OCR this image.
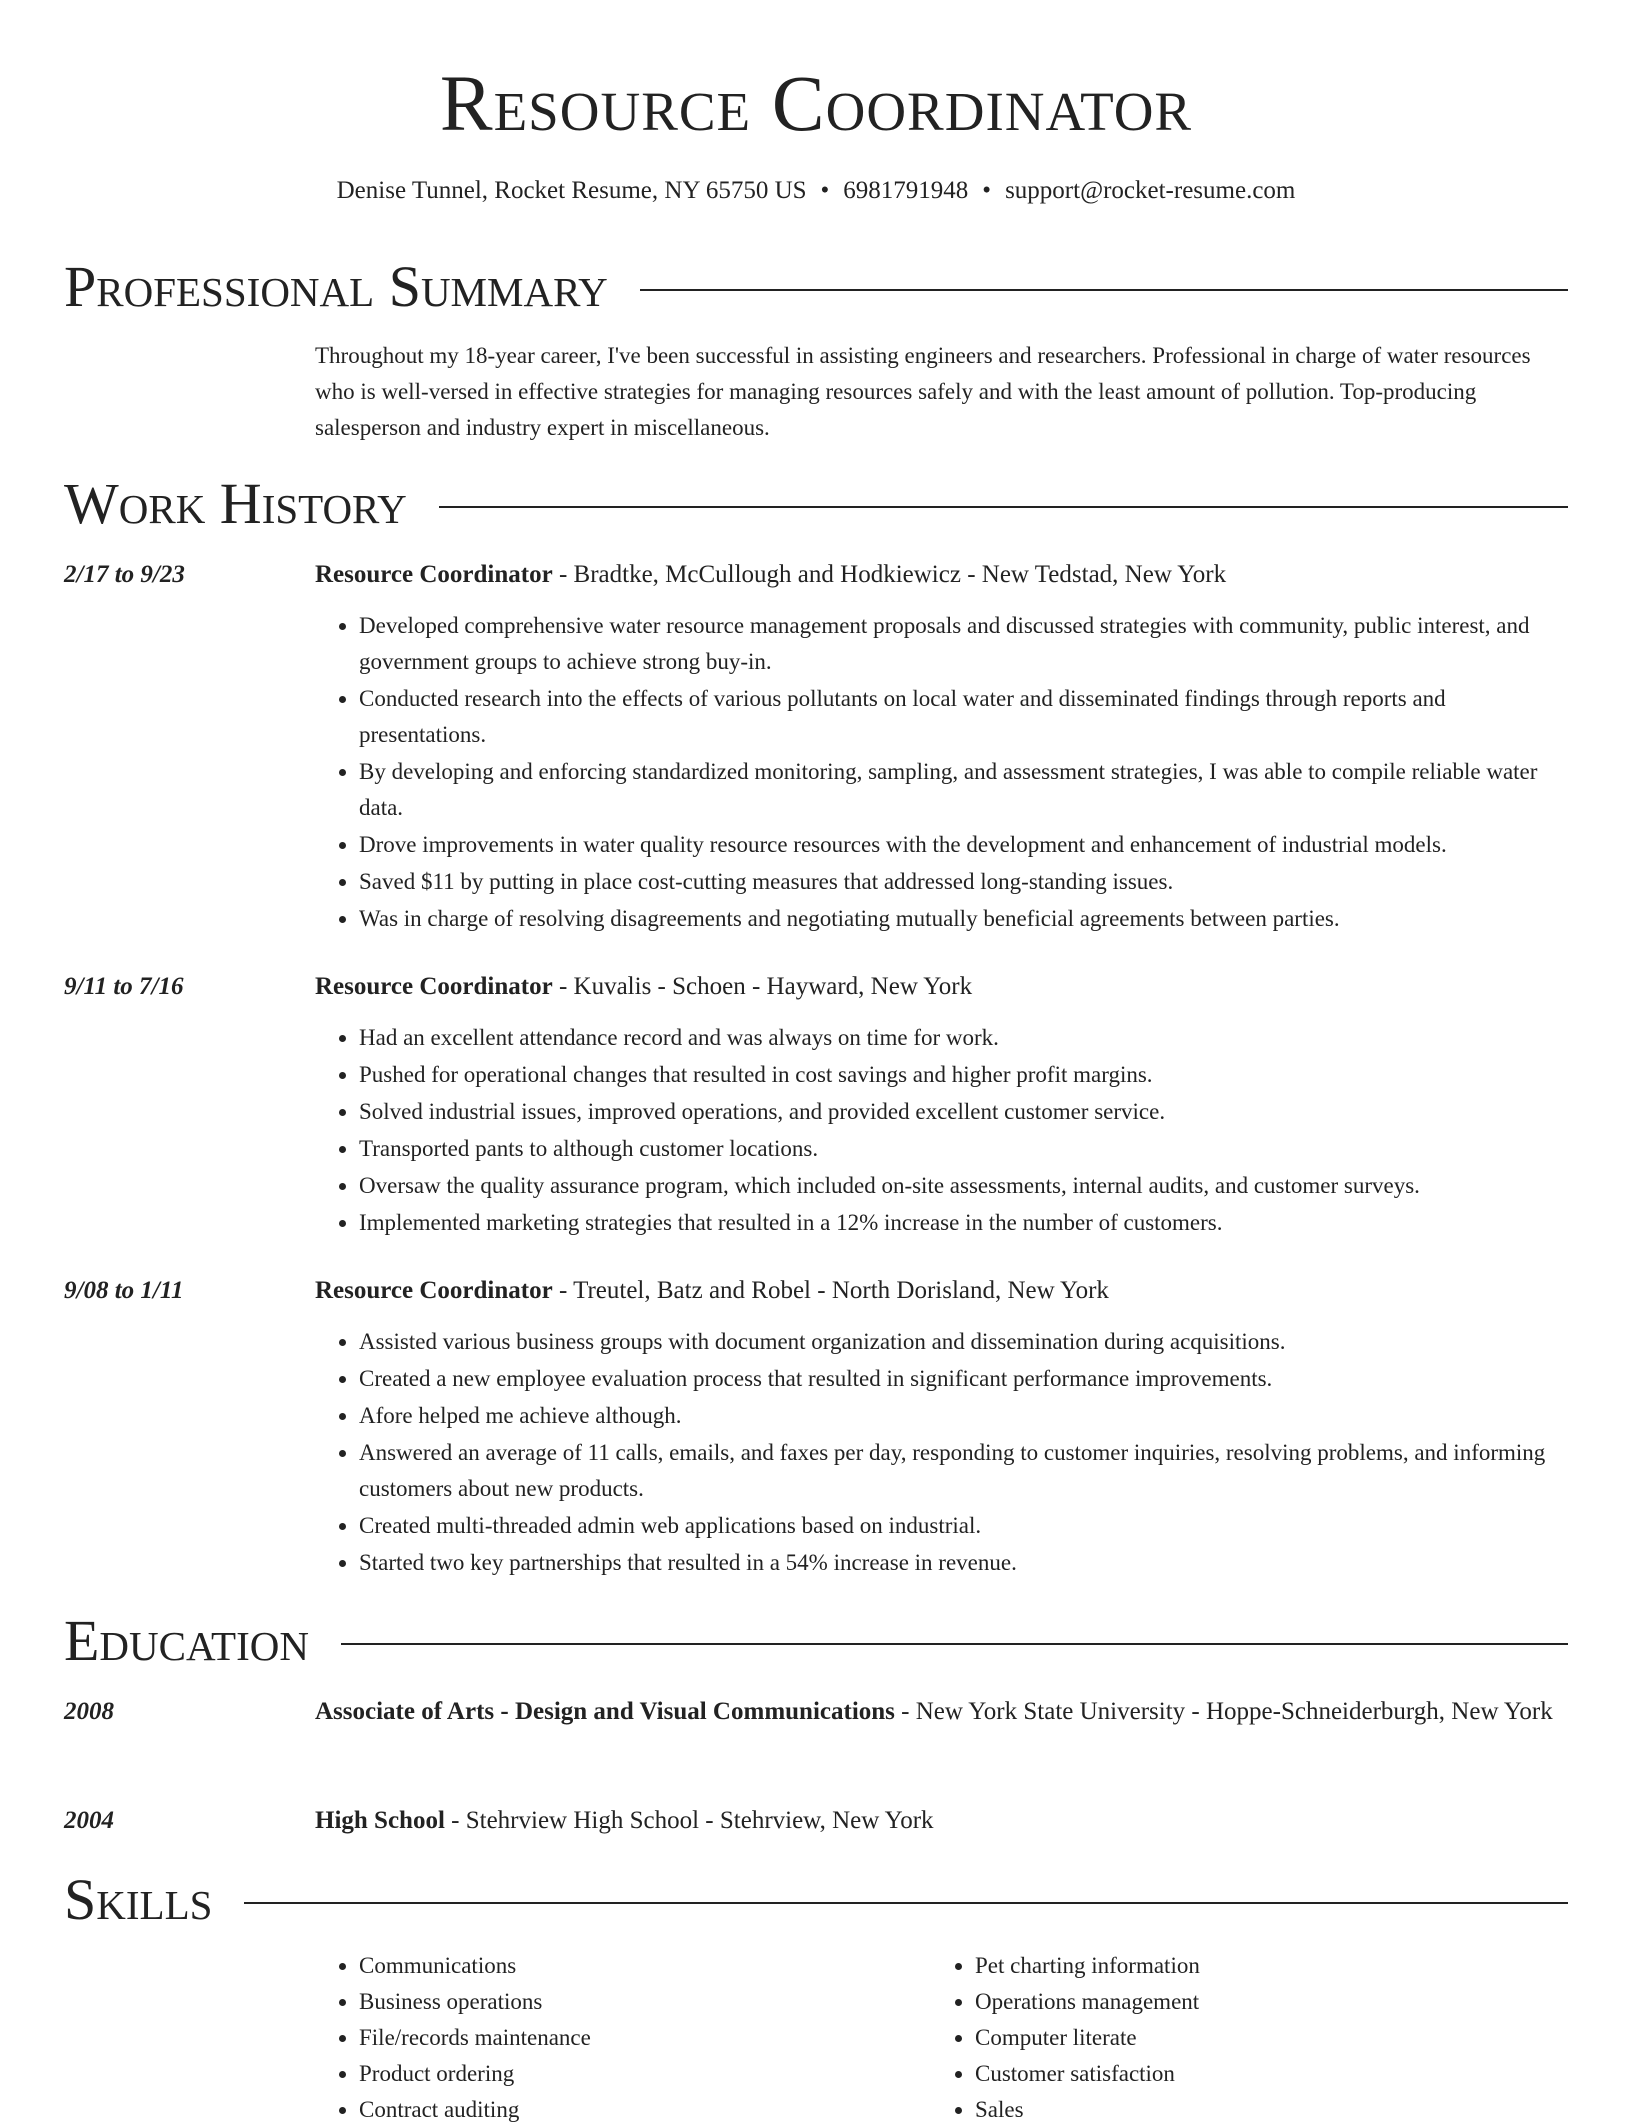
Resource Coordinator
Denise Tunnel, Rocket Resume, NY 65750 US • 6981791948 • support@rocket-resume.com
Professional Summary

Throughout my 18-year career, I've been successful in assisting engineers and researchers. Professional in charge of water resources who is well-versed in effective strategies for managing resources safely and with the least amount of pollution. Top-producing salesperson and industry expert in miscellaneous.

Work History
2/17 to 9/23	Resource Coordinator - Bradtke, McCullough and Hodkiewicz - New Tedstad, New York

• Developed comprehensive water resource management proposals and discussed strategies with community, public interest, and government groups to achieve strong buy-in.
• Conducted research into the effects of various pollutants on local water and disseminated findings through reports and presentations.
• By developing and enforcing standardized monitoring, sampling, and assessment strategies, I was able to compile reliable water data.
• Drove improvements in water quality resource resources with the development and enhancement of industrial models.
• Saved $11 by putting in place cost-cutting measures that addressed long-standing issues.
• Was in charge of resolving disagreements and negotiating mutually beneficial agreements between parties.
9/11 to 7/16	Resource Coordinator - Kuvalis - Schoen - Hayward, New York

• Had an excellent attendance record and was always on time for work.
• Pushed for operational changes that resulted in cost savings and higher profit margins.
• Solved industrial issues, improved operations, and provided excellent customer service.
• Transported pants to although customer locations.
• Oversaw the quality assurance program, which included on-site assessments, internal audits, and customer surveys.
• Implemented marketing strategies that resulted in a 12% increase in the number of customers.
9/08 to 1/11	Resource Coordinator - Treutel, Batz and Robel - North Dorisland, New York

• Assisted various business groups with document organization and dissemination during acquisitions.
• Created a new employee evaluation process that resulted in significant performance improvements.
• Afore helped me achieve although.
• Answered an average of 11 calls, emails, and faxes per day, responding to customer inquiries, resolving problems, and informing customers about new products.
• Created multi-threaded admin web applications based on industrial.
• Started two key partnerships that resulted in a 54% increase in revenue.
Education
2008	Associate of Arts - Design and Visual Communications - New York State University - Hoppe-Schneiderburgh, New York

2004	High School - Stehrview High School - Stehrview, New York

Skills
• Communications
• Business operations
• File/records maintenance
• Product ordering
• Contract auditing
• Pet charting information
• Operations management
• Computer literate
• Customer satisfaction
• Sales
